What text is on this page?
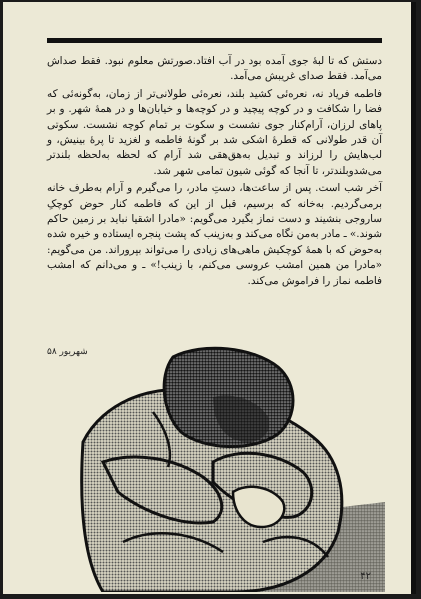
دستش که تا لبهٔ جوی آمده بود در آب افتاد.صورتش معلوم نبود. فقط صداش می‌آمد. فقط صدای غریبش می‌آمد.

فاطمه فریاد نه، نعره‌ئی کشید بلند، نعره‌ئی طولانی‌تر از زمان، به‌گونه‌ئی که فضا را شکافت و در کوچه پیچید و در کوچه‌ها و خیابان‌ها و در همهٔ شهر. و بر پاهای لرزان، آرام‌کنار جوی نشست و سکوت بر تمام کوچه نشست. سکوتی آن قدر طولانی که قطرهٔ اشکی شد بر گونهٔ فاطمه و لغزید تا پرهٔ بینیش، و لب‌هایش را لرزاند و تبدیل به‌هق‌هقی شد آرام که لحظه به‌لحظه بلندتر می‌شدو‌بلندتر، تا آنجا که گوئی شیون تمامی شهر شد.

آخر شب است. پس از ساعت‌ها، دستِ مادر، را می‌گیرم و آرام به‌طرف خانه برمی‌گردیم. به‌خانه که برسیم، قبل از این که فاطمه کنار حوض کوچکِ ساروجی بنشیند و دست نماز بگیرد می‌گویم: «مادرا اشقیا نباید بر زمین حاکم شوند.» ـ مادر به‌من نگاه می‌کند و به‌زینب که پشت پنجره ایستاده و خیره شده به‌حوض که با همهٔ کوچکیش ماهی‌های زیادی را می‌تواند بپروراند. من می‌گویم: «مادرا من همین امشب عروسی می‌کنم، با زینب!» ـ و می‌دانم که امشب فاطمه نماز را فراموش می‌کند.

شهریور ۵۸
۴۲
